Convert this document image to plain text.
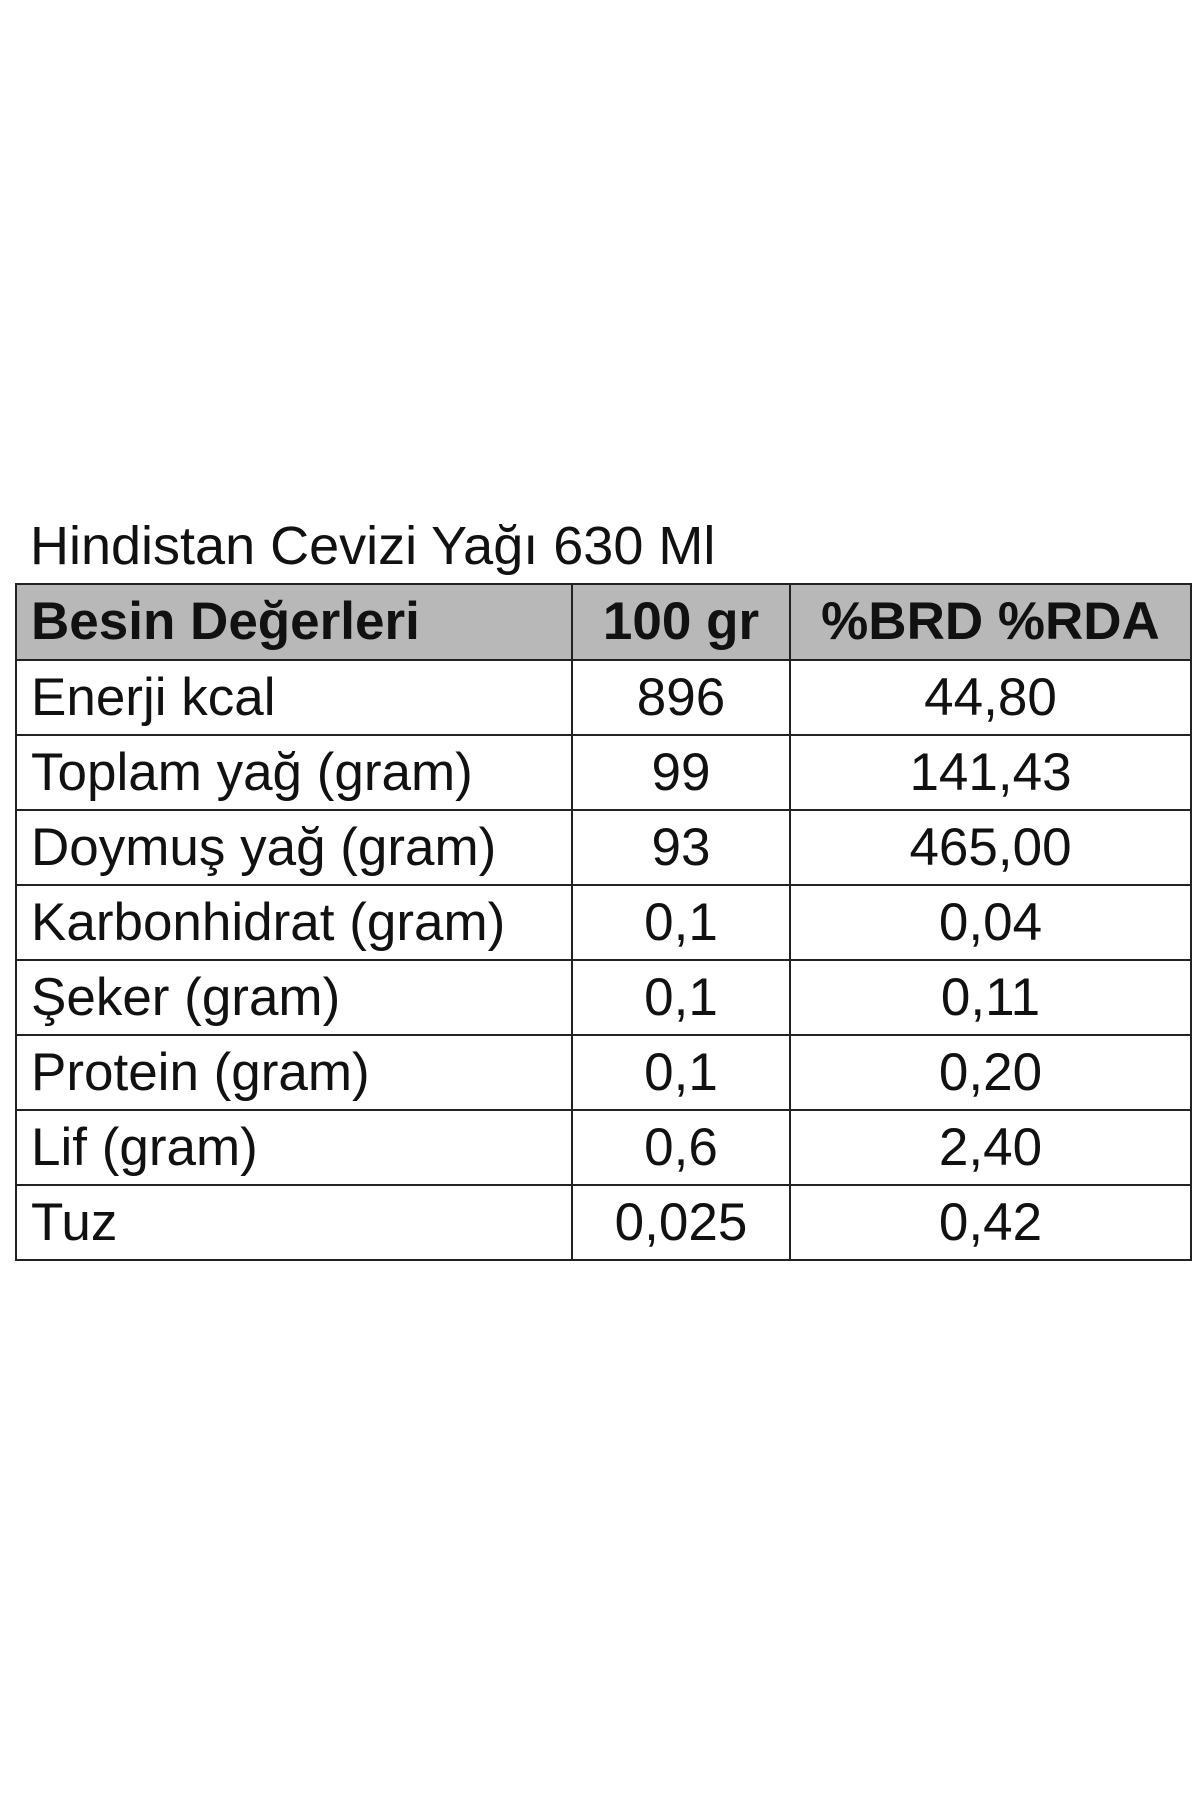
Hindistan Cevizi Yağı 630 Ml
Besin Değerleri	100 gr	%BRD %RDA
Enerji kcal	896	44,80
Toplam yağ (gram)	99	141,43
Doymuş yağ (gram)	93	465,00
Karbonhidrat (gram)	0,1	0,04
Şeker (gram)	0,1	0,11
Protein (gram)	0,1	0,20
Lif (gram)	0,6	2,40
Tuz	0,025	0,42
